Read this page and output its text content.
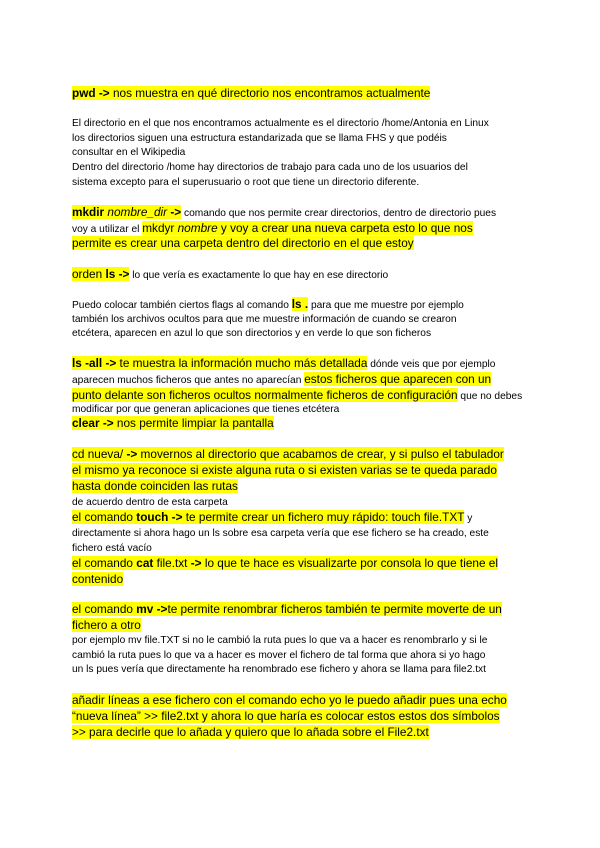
pwd -> nos muestra en qué directorio nos encontramos actualmente
El directorio en el que nos encontramos actualmente es el directorio /home/Antonia en Linux
los directorios siguen una estructura estandarizada que se llama FHS y que podéis
consultar en el Wikipedia
Dentro del directorio /home hay directorios de trabajo para cada uno de los usuarios del
sistema excepto para el superusuario o root que tiene un directorio diferente.
mkdir nombre_dir -> comando que nos permite crear directorios, dentro de directorio pues
voy a utilizar el mkdyr nombre y voy a crear una nueva carpeta esto lo que nos
permite es crear una carpeta dentro del directorio en el que estoy
orden ls -> lo que vería es exactamente lo que hay en ese directorio
Puedo colocar también ciertos flags al comando ls . para que me muestre por ejemplo
también los archivos ocultos para que me muestre información de cuando se crearon
etcétera, aparecen en azul lo que son directorios y en verde lo que son ficheros
ls -all -> te muestra la información mucho más detallada dónde veis que por ejemplo
aparecen muchos ficheros que antes no aparecían estos ficheros que aparecen con un
punto delante son ficheros ocultos normalmente ficheros de configuración que no debes
modificar por que generan aplicaciones que tienes etcétera
clear -> nos permite limpiar la pantalla
cd nueva/ -> movernos al directorio que acabamos de crear, y si pulso el tabulador
el mismo ya reconoce si existe alguna ruta o si existen varias se te queda parado
hasta donde coinciden las rutas
de acuerdo dentro de esta carpeta
el comando touch -> te permite crear un fichero muy rápido: touch file.TXT y
directamente si ahora hago un ls sobre esa carpeta vería que ese fichero se ha creado, este
fichero está vacío
el comando cat file.txt -> lo que te hace es visualizarte por consola lo que tiene el
contenido
el comando mv ->te permite renombrar ficheros también te permite moverte de un
fichero a otro
por ejemplo mv file.TXT si no le cambió la ruta pues lo que va a hacer es renombrarlo y si le
cambió la ruta pues lo que va a hacer es mover el fichero de tal forma que ahora si yo hago
un ls pues vería que directamente ha renombrado ese fichero y ahora se llama para file2.txt
añadir líneas a ese fichero con el comando echo yo le puedo añadir pues una echo
“nueva línea” >> file2.txt y ahora lo que haría es colocar estos estos dos símbolos
>> para decirle que lo añada y quiero que lo añada sobre el File2.txt
